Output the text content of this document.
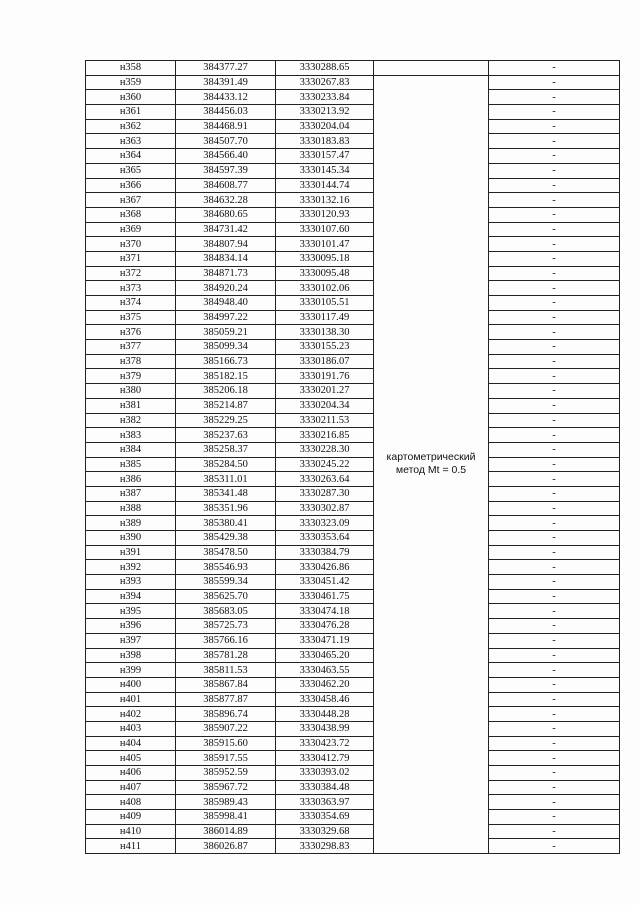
н358	384377.27	3330288.65		-
н359	384391.49	3330267.83	картометрический
метод Mt = 0.5	-
н360	384433.12	3330233.84		-
н361	384456.03	3330213.92		-
н362	384468.91	3330204.04		-
н363	384507.70	3330183.83		-
н364	384566.40	3330157.47		-
н365	384597.39	3330145.34		-
н366	384608.77	3330144.74		-
н367	384632.28	3330132.16		-
н368	384680.65	3330120.93		-
н369	384731.42	3330107.60		-
н370	384807.94	3330101.47		-
н371	384834.14	3330095.18		-
н372	384871.73	3330095.48		-
н373	384920.24	3330102.06		-
н374	384948.40	3330105.51		-
н375	384997.22	3330117.49		-
н376	385059.21	3330138.30		-
н377	385099.34	3330155.23		-
н378	385166.73	3330186.07		-
н379	385182.15	3330191.76		-
н380	385206.18	3330201.27		-
н381	385214.87	3330204.34		-
н382	385229.25	3330211.53		-
н383	385237.63	3330216.85		-
н384	385258.37	3330228.30		-
н385	385284.50	3330245.22		-
н386	385311.01	3330263.64		-
н387	385341.48	3330287.30		-
н388	385351.96	3330302.87		-
н389	385380.41	3330323.09		-
н390	385429.38	3330353.64		-
н391	385478.50	3330384.79		-
н392	385546.93	3330426.86		-
н393	385599.34	3330451.42		-
н394	385625.70	3330461.75		-
н395	385683.05	3330474.18		-
н396	385725.73	3330476.28		-
н397	385766.16	3330471.19		-
н398	385781.28	3330465.20		-
н399	385811.53	3330463.55		-
н400	385867.84	3330462.20		-
н401	385877.87	3330458.46		-
н402	385896.74	3330448.28		-
н403	385907.22	3330438.99		-
н404	385915.60	3330423.72		-
н405	385917.55	3330412.79		-
н406	385952.59	3330393.02		-
н407	385967.72	3330384.48		-
н408	385989.43	3330363.97		-
н409	385998.41	3330354.69		-
н410	386014.89	3330329.68		-
н411	386026.87	3330298.83		-
